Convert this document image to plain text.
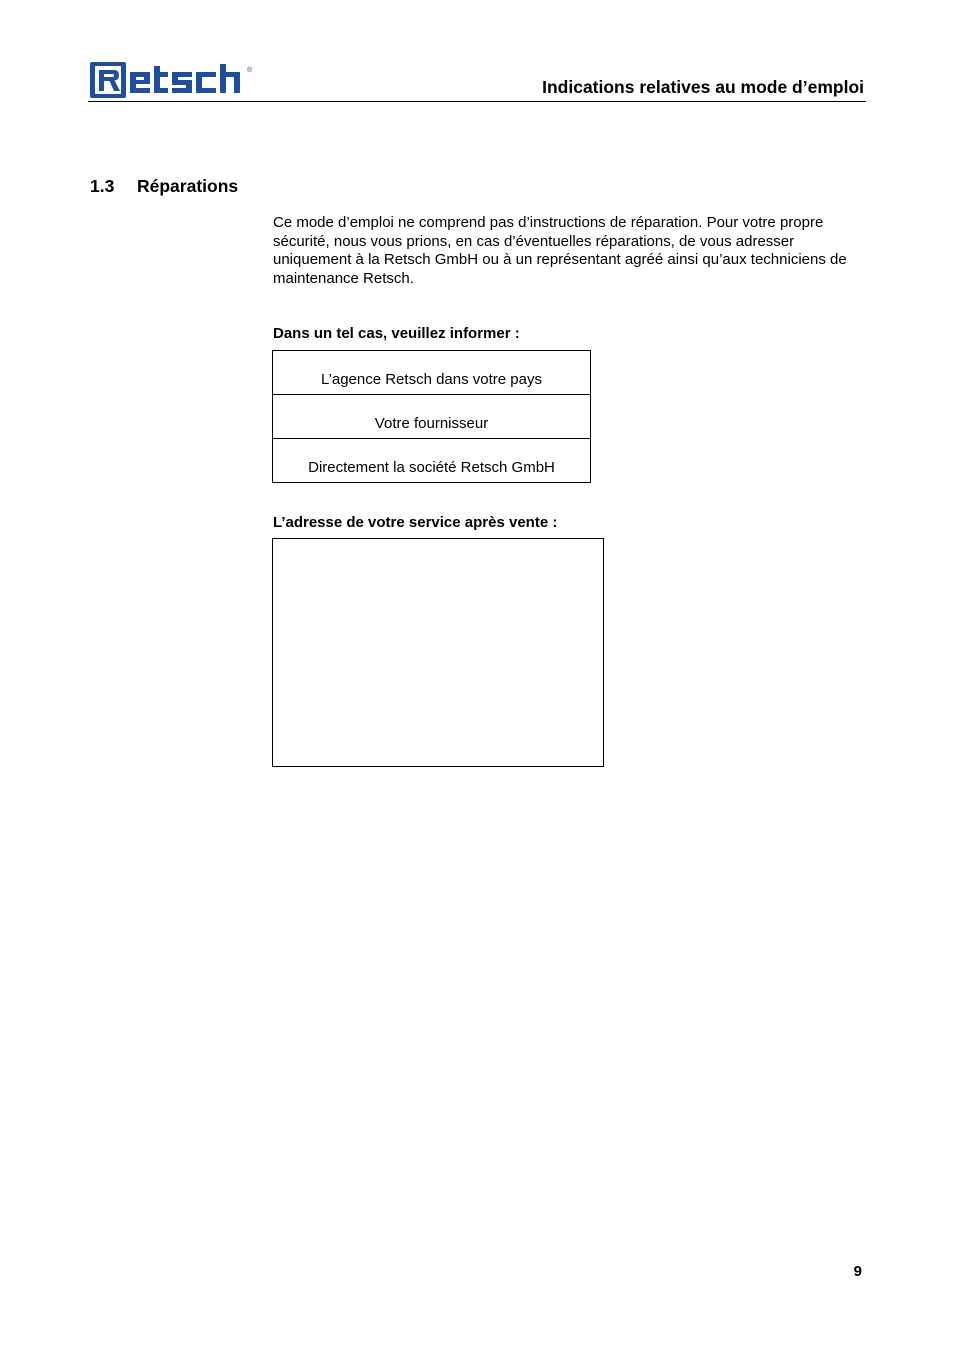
®
Indications relatives au mode d’emploi
1.3 Réparations

Ce mode d’emploi ne comprend pas d’instructions de réparation. Pour votre propre sécurité, nous vous prions, en cas d’éventuelles réparations, de vous adresser uniquement à la Retsch GmbH ou à un représentant agréé ainsi qu’aux techniciens de maintenance Retsch.

Dans un tel cas, veuillez informer :
L’agence Retsch dans votre pays

Votre fournisseur

Directement la société Retsch GmbH
L’adresse de votre service après vente :
9
